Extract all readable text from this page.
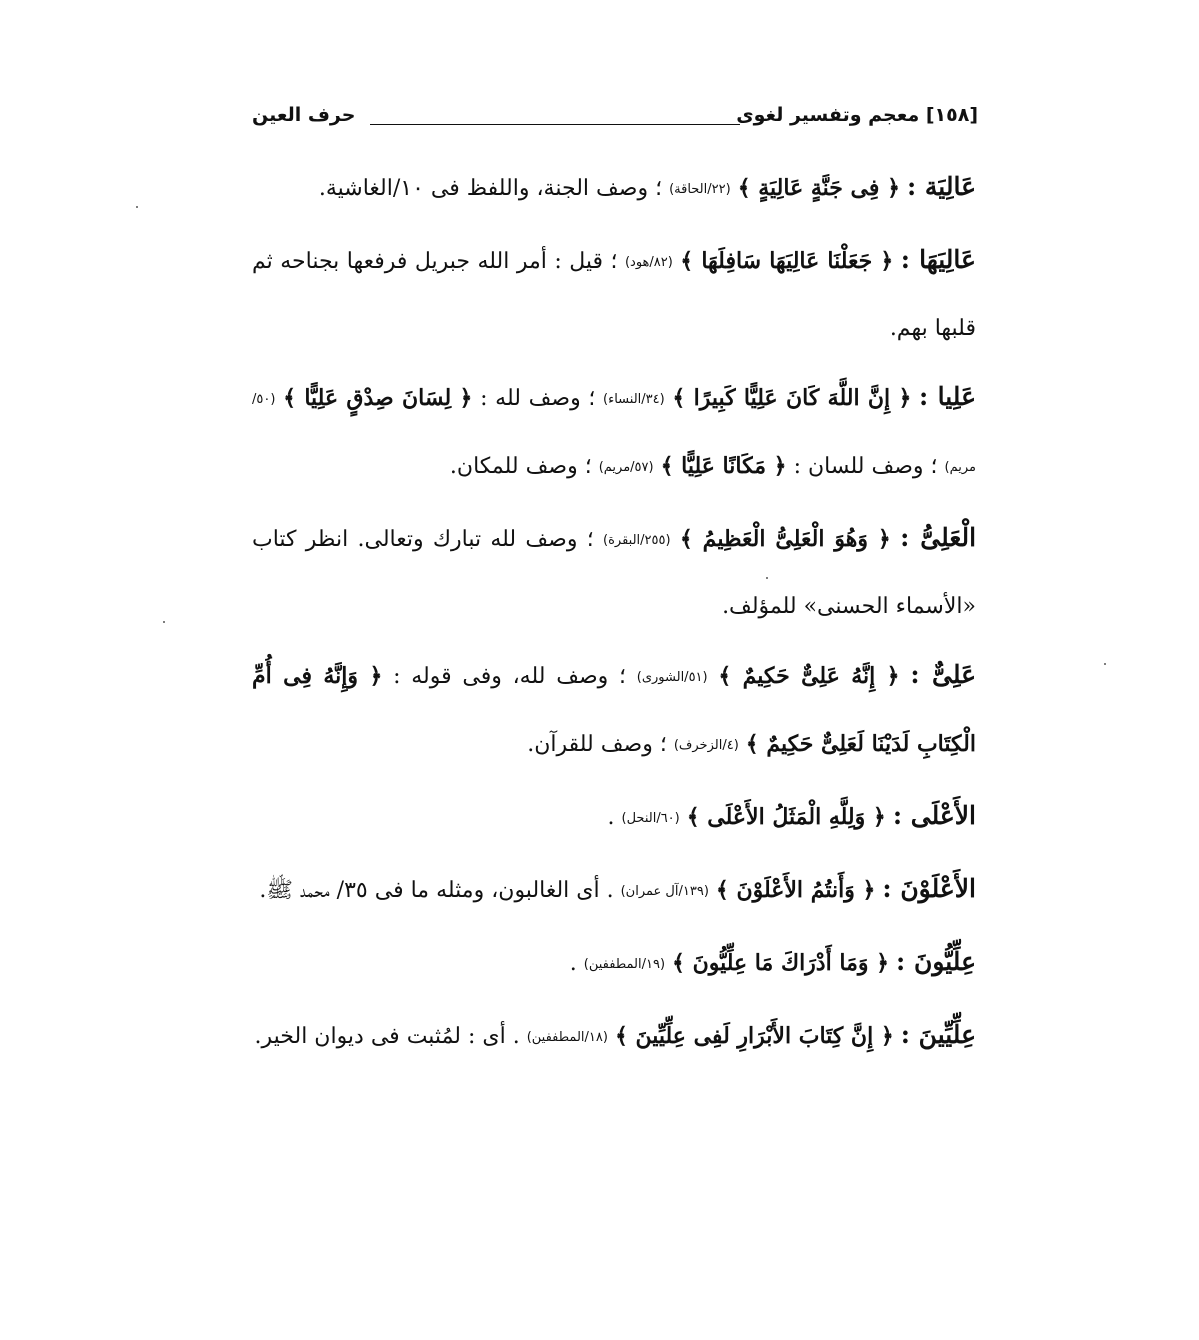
[١٥٨] معجم وتفسير لغوى
حرف العين

عَالِيَة : ﴿ فِى جَنَّةٍ عَالِيَةٍ ﴾ (٢٢/الحاقة) ؛ وصف الجنة، واللفظ فى ١٠/الغاشية.

عَالِيَهَا : ﴿ جَعَلْنَا عَالِيَهَا سَافِلَهَا ﴾ (٨٢/هود) ؛ قيل : أمر الله جبريل فرفعها بجناحه ثم قلبها بهم.

عَلِيا : ﴿ إِنَّ اللَّهَ كَانَ عَلِيًّا كَبِيرًا ﴾ (٣٤/النساء) ؛ وصف لله : ﴿ لِسَانَ صِدْقٍ عَلِيًّا ﴾ (٥٠/مريم) ؛ وصف للسان : ﴿ مَكَانًا عَلِيًّا ﴾ (٥٧/مريم) ؛ وصف للمكان.

الْعَلِىُّ : ﴿ وَهُوَ الْعَلِىُّ الْعَظِيمُ ﴾ (٢٥٥/البقرة) ؛ وصف لله تبارك وتعالى. انظر كتاب «الأسماء الحسنى» للمؤلف.

عَلِىٌّ : ﴿ إِنَّهُ عَلِىٌّ حَكِيمٌ ﴾ (٥١/الشورى) ؛ وصف لله، وفى قوله : ﴿ وَإِنَّهُ فِى أُمِّ الْكِتَابِ لَدَيْنَا لَعَلِىٌّ حَكِيمٌ ﴾ (٤/الزخرف) ؛ وصف للقرآن.

الأَعْلَى : ﴿ وَلِلَّهِ الْمَثَلُ الأَعْلَى ﴾ (٦٠/النحل) .

الأَعْلَوْنَ : ﴿ وَأَنتُمُ الأَعْلَوْنَ ﴾ (١٣٩/آل عمران) . أى الغالبون، ومثله ما فى ٣٥/ محمد ﷺ.

عِلِّيُّونَ : ﴿ وَمَا أَدْرَاكَ مَا عِلِّيُّونَ ﴾ (١٩/المطففين) .

عِلِّيِّينَ : ﴿ إِنَّ كِتَابَ الأَبْرَارِ لَفِى عِلِّيِّينَ ﴾ (١٨/المطففين) . أى : لمُثبت فى ديوان الخير.
